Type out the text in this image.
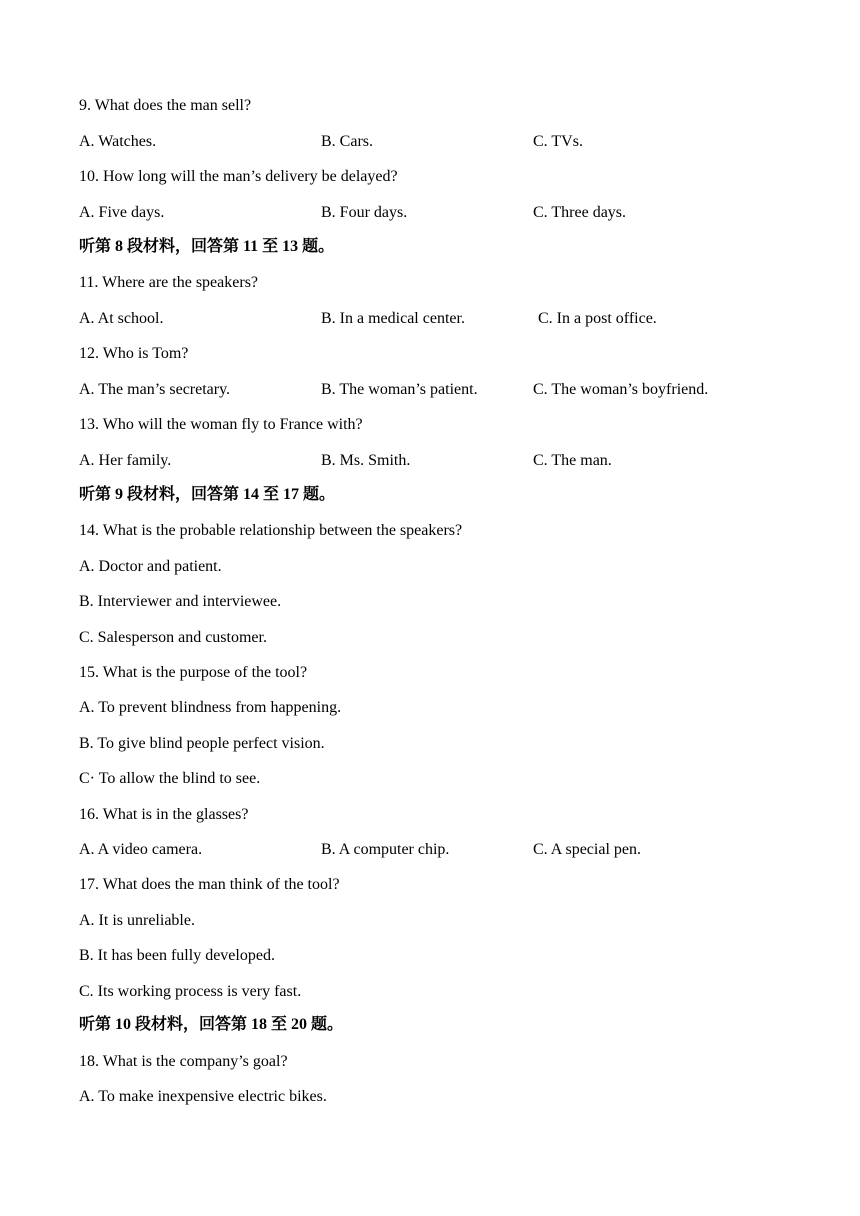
9. What does the man sell?
A. Watches.	B. Cars.	C. TVs.
10. How long will the man’s delivery be delayed?
A. Five days.	B. Four days.	C. Three days.
听第 8 段材料，回答第 11 至 13 题。
11. Where are the speakers?
A. At school.	B. In a medical center.	C. In a post office.
12. Who is Tom?
A. The man’s secretary.	B. The woman’s patient.	C. The woman’s boyfriend.
13. Who will the woman fly to France with?
A. Her family.	B. Ms. Smith.	C. The man.
听第 9 段材料，回答第 14 至 17 题。
14. What is the probable relationship between the speakers?
A. Doctor and patient.
B. Interviewer and interviewee.
C. Salesperson and customer.
15. What is the purpose of the tool?
A. To prevent blindness from happening.
B. To give blind people perfect vision.
C· To allow the blind to see.
16. What is in the glasses?
A. A video camera.	B. A computer chip.	C. A special pen.
17. What does the man think of the tool?
A. It is unreliable.
B. It has been fully developed.
C. Its working process is very fast.
听第 10 段材料，回答第 18 至 20 题。
18. What is the company’s goal?
A. To make inexpensive electric bikes.
